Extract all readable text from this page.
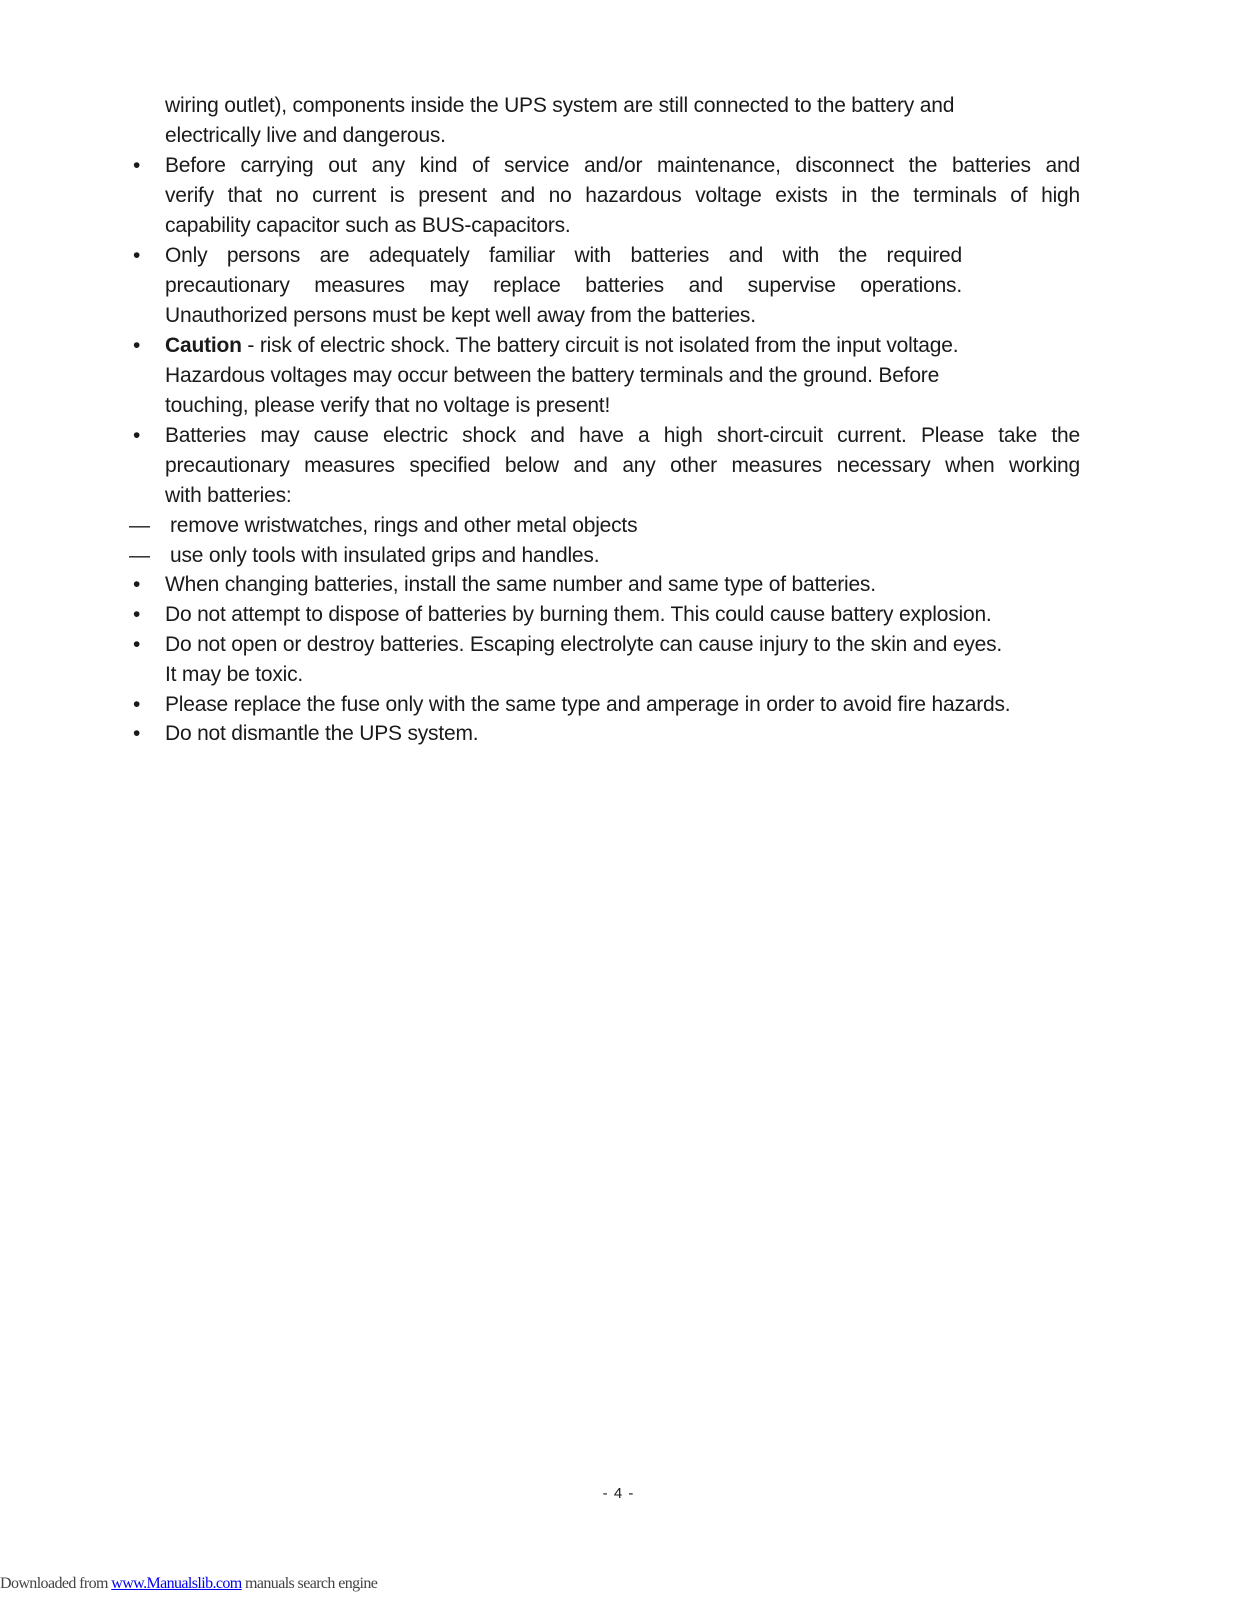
wiring outlet), components inside the UPS system are still connected to the battery and
electrically live and dangerous.
• Before carrying out any kind of service and/or maintenance, disconnect the batteries and
verify that no current is present and no hazardous voltage exists in the terminals of high
capability capacitor such as BUS-capacitors.
• Only persons are adequately familiar with batteries and with the required
precautionary measures may replace batteries and supervise operations.
Unauthorized persons must be kept well away from the batteries.
• Caution - risk of electric shock. The battery circuit is not isolated from the input voltage.
Hazardous voltages may occur between the battery terminals and the ground. Before
touching, please verify that no voltage is present!
• Batteries may cause electric shock and have a high short-circuit current. Please take the
precautionary measures specified below and any other measures necessary when working
with batteries:
— remove wristwatches, rings and other metal objects
— use only tools with insulated grips and handles.
• When changing batteries, install the same number and same type of batteries.
• Do not attempt to dispose of batteries by burning them. This could cause battery explosion.
• Do not open or destroy batteries. Escaping electrolyte can cause injury to the skin and eyes.
It may be toxic.
• Please replace the fuse only with the same type and amperage in order to avoid fire hazards.
• Do not dismantle the UPS system.
- 4 -
Downloaded from www.Manualslib.com manuals search engine
